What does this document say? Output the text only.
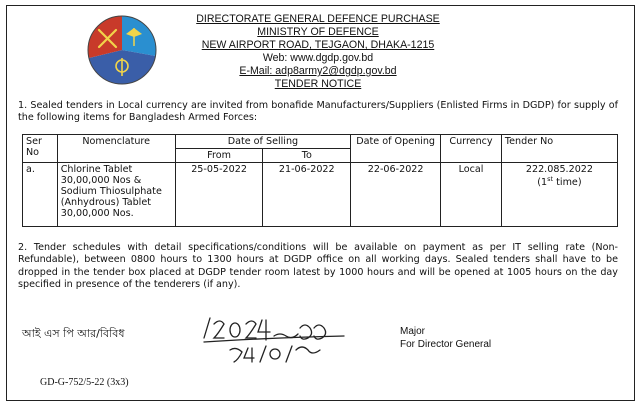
DIRECTORATE GENERAL DEFENCE PURCHASE
MINISTRY OF DEFENCE
NEW AIRPORT ROAD, TEJGAON, DHAKA-1215
Web: www.dgdp.gov.bd
E-Mail: adp8army2@dgdp.gov.bd
TENDER NOTICE
1. Sealed tenders in Local currency are invited from bonafide Manufacturers/Suppliers (Enlisted Firms in DGDP) for supply of the following items for Bangladesh Armed Forces:
Ser No	Nomenclature	Date of Selling		Date of Opening	Currency	Tender No
		From	To			
a.	Chlorine Tablet 30,00,000 Nos & Sodium Thiosulphate (Anhydrous) Tablet 30,00,000 Nos.	25-05-2022	21-06-2022	22-06-2022	Local	222.085.2022
(1st time)
2. Tender schedules with detail specifications/conditions will be available on payment as per IT selling rate (Non-Refundable), between 0800 hours to 1300 hours at DGDP office on all working days. Sealed tenders shall have to be dropped in the tender box placed at DGDP tender room latest by 1000 hours and will be opened at 1005 hours on the day specified in presence of the tenderers (if any).
আই এস পি আর/বিবিধ	Major
For Director General
GD-G-752/5-22 (3x3)
